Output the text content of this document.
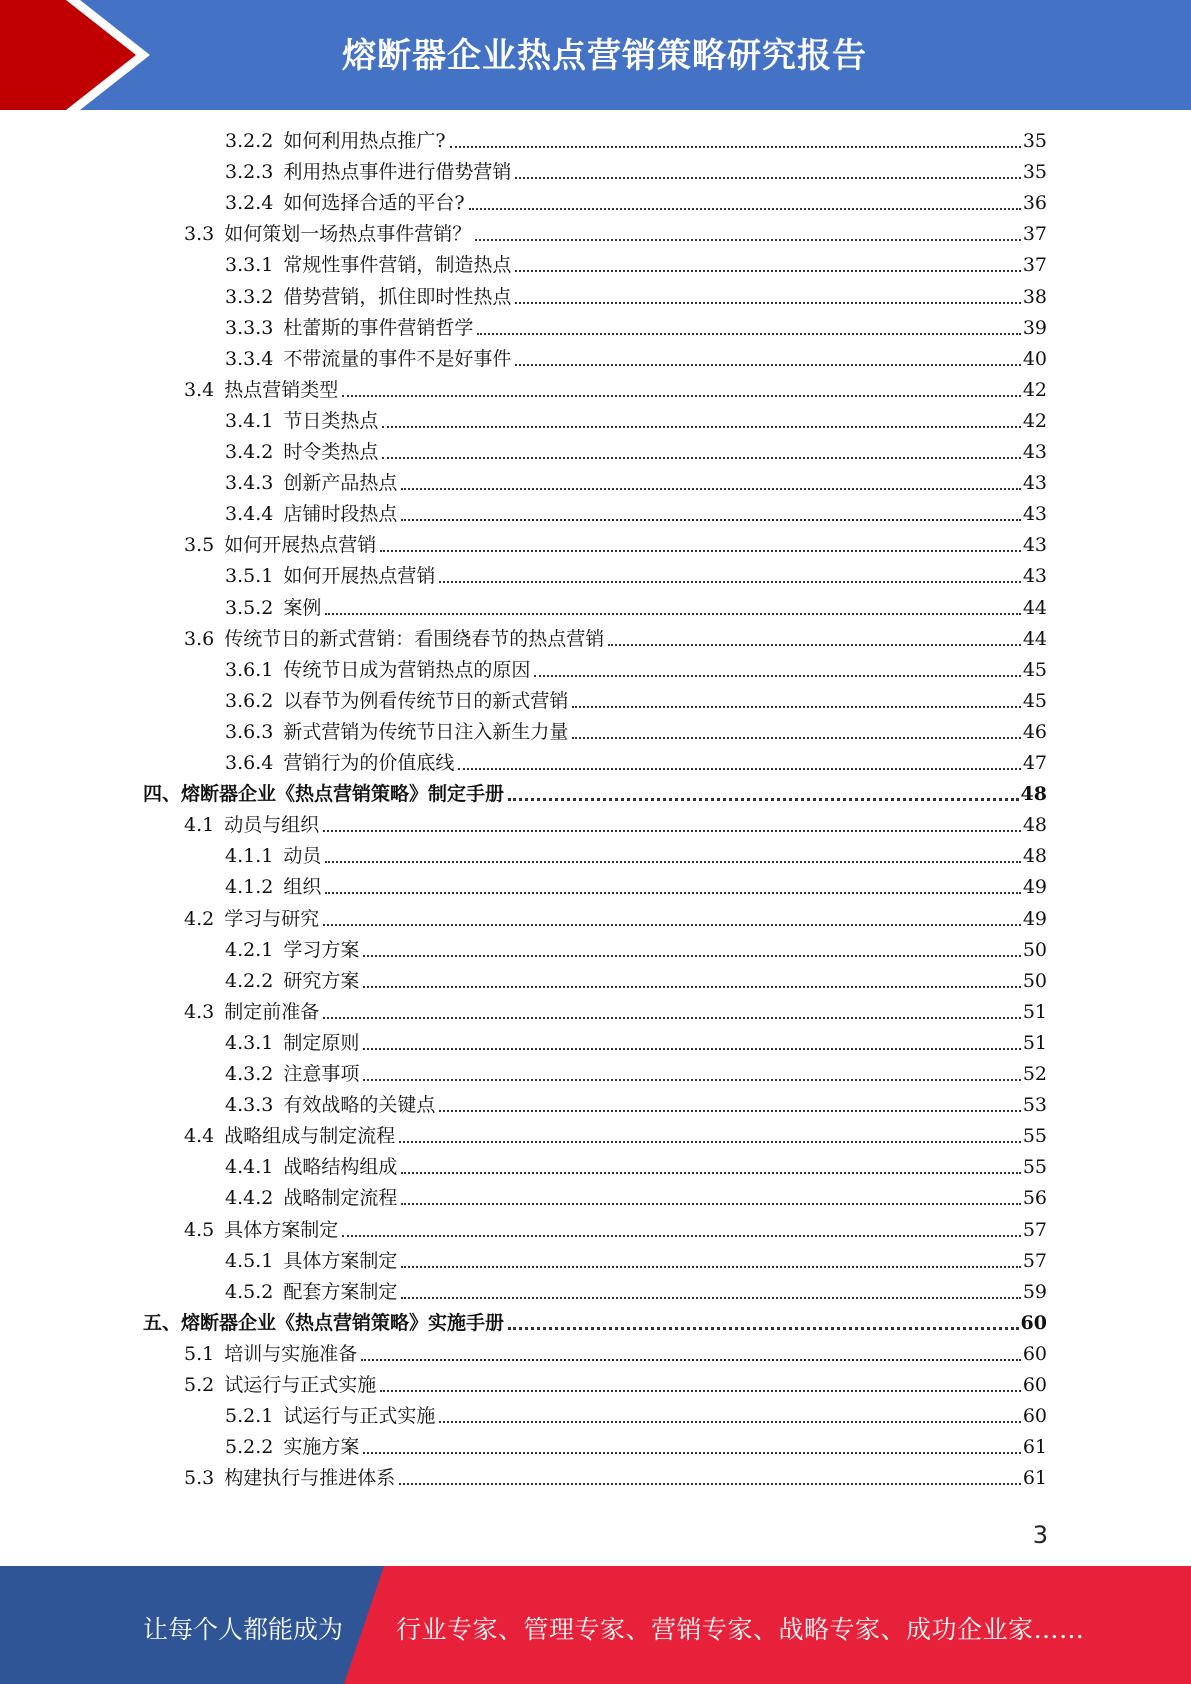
熔断器企业热点营销策略研究报告
3.2.2 如何利用热点推广?	35
3.2.3 利用热点事件进行借势营销	35
3.2.4 如何选择合适的平台?	36
3.3 如何策划一场热点事件营销？	37
3.3.1 常规性事件营销，制造热点	37
3.3.2 借势营销，抓住即时性热点	38
3.3.3 杜蕾斯的事件营销哲学	39
3.3.4 不带流量的事件不是好事件	40
3.4 热点营销类型	42
3.4.1 节日类热点	42
3.4.2 时令类热点	43
3.4.3 创新产品热点	43
3.4.4 店铺时段热点	43
3.5 如何开展热点营销	43
3.5.1 如何开展热点营销	43
3.5.2 案例	44
3.6 传统节日的新式营销：看围绕春节的热点营销	44
3.6.1 传统节日成为营销热点的原因	45
3.6.2 以春节为例看传统节日的新式营销	45
3.6.3 新式营销为传统节日注入新生力量	46
3.6.4 营销行为的价值底线	47
四、熔断器企业《热点营销策略》制定手册	48
4.1 动员与组织	48
4.1.1 动员	48
4.1.2 组织	49
4.2 学习与研究	49
4.2.1 学习方案	50
4.2.2 研究方案	50
4.3 制定前准备	51
4.3.1 制定原则	51
4.3.2 注意事项	52
4.3.3 有效战略的关键点	53
4.4 战略组成与制定流程	55
4.4.1 战略结构组成	55
4.4.2 战略制定流程	56
4.5 具体方案制定	57
4.5.1 具体方案制定	57
4.5.2 配套方案制定	59
五、熔断器企业《热点营销策略》实施手册	60
5.1 培训与实施准备	60
5.2 试运行与正式实施	60
5.2.1 试运行与正式实施	60
5.2.2 实施方案	61
5.3 构建执行与推进体系	61
3
让每个人都能成为 行业专家、管理专家、营销专家、战略专家、成功企业家……
